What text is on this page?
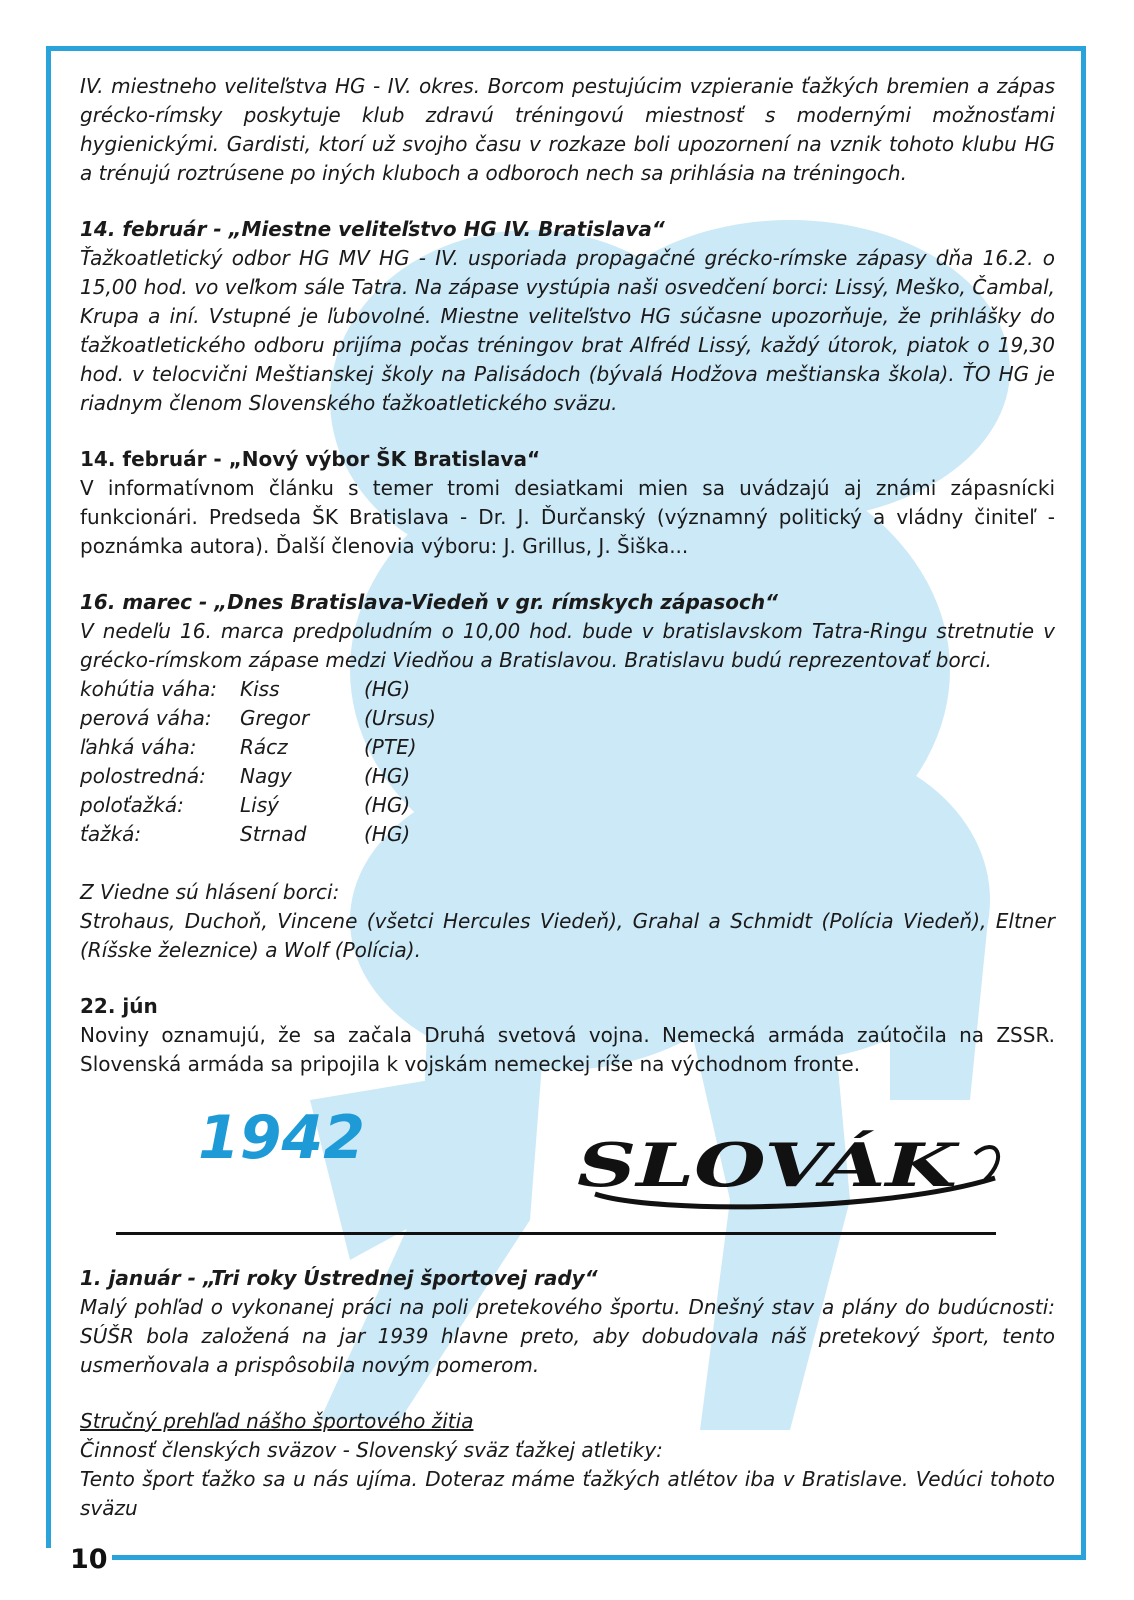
10

IV. miestneho veliteľstva HG - IV. okres. Borcom pestujúcim vzpieranie ťažkých bremien a zápas grécko-rímsky poskytuje klub zdravú tréningovú miestnosť s modernými možnosťami hygienickými. Gardisti, ktorí už svojho času v rozkaze boli upozornení na vznik tohoto klubu HG a trénujú roztrúsene po iných kluboch a odboroch nech sa prihlásia na tréningoch.

14. február - „Miestne veliteľstvo HG IV. Bratislava“

Ťažkoatletický odbor HG MV HG - IV. usporiada propagačné grécko-rímske zápasy dňa 16.2. o 15,00 hod. vo veľkom sále Tatra. Na zápase vystúpia naši osvedčení borci: Lissý, Meško, Čambal, Krupa a iní. Vstupné je ľubovolné. Miestne veliteľstvo HG súčasne upozorňuje, že prihlášky do ťažkoatletického odboru prijíma počas tréningov brat Alfréd Lissý, každý útorok, piatok o 19,30 hod. v telocvični Meštianskej školy na Palisádoch (bývalá Hodžova meštianska škola). ŤO HG je riadnym členom Slovenského ťažkoatletického sväzu.

14. február - „Nový výbor ŠK Bratislava“

V informatívnom článku s temer tromi desiatkami mien sa uvádzajú aj známi zápasnícki funkcionári. Predseda ŠK Bratislava - Dr. J. Ďurčanský (významný politický a vládny činiteľ - poznámka autora). Ďalší členovia výboru: J. Grillus, J. Šiška...

16. marec - „Dnes Bratislava-Viedeň v gr. rímskych zápasoch“

V nedeľu 16. marca predpoludním o 10,00 hod. bude v bratislavskom Tatra-Ringu stretnutie v grécko-rímskom zápase medzi Viedňou a Bratislavou. Bratislavu budú reprezentovať borci.

kohútia váha:	Kiss	(HG)
perová váha:	Gregor	(Ursus)
ľahká váha:	Rácz	(PTE)
polostredná:	Nagy	(HG)
poloťažká:	Lisý	(HG)
ťažká:	Strnad	(HG)

Z Viedne sú hlásení borci:

Strohaus, Duchoň, Vincene (všetci Hercules Viedeň), Grahal a Schmidt (Polícia Viedeň), Eltner (Ríšske železnice) a Wolf (Polícia).

22. jún

Noviny oznamujú, že sa začala Druhá svetová vojna. Nemecká armáda zaútočila na ZSSR. Slovenská armáda sa pripojila k vojskám nemeckej ríše na východnom fronte.

1942	SLOVÁK

1. január - „Tri roky Ústrednej športovej rady“

Malý pohľad o vykonanej práci na poli pretekového športu. Dnešný stav a plány do budúcnosti: SÚŠR bola založená na jar 1939 hlavne preto, aby dobudovala náš pretekový šport, tento usmerňovala a prispôsobila novým pomerom.

Stručný prehľad nášho športového žitia

Činnosť členských sväzov - Slovenský sväz ťažkej atletiky:

Tento šport ťažko sa u nás ujíma. Doteraz máme ťažkých atlétov iba v Bratislave. Vedúci tohoto sväzu
